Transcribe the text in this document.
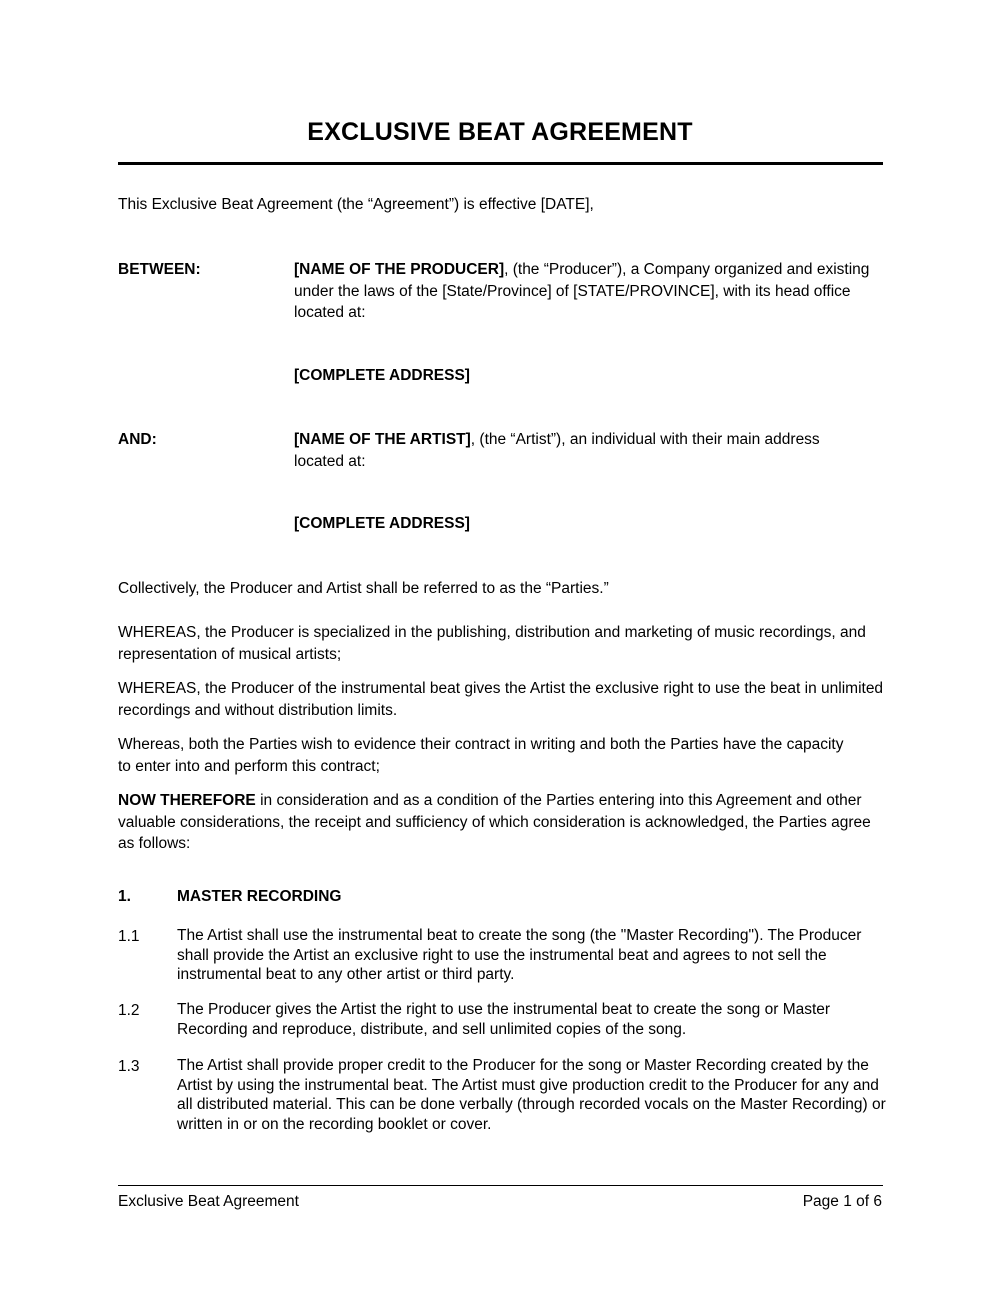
EXCLUSIVE BEAT AGREEMENT

This Exclusive Beat Agreement (the “Agreement”) is effective [DATE],

BETWEEN:	[NAME OF THE PRODUCER], (the “Producer”), a Company organized and existing under the laws of the [State/Province] of [STATE/PROVINCE], with its head office located at:

[COMPLETE ADDRESS]

AND:	[NAME OF THE ARTIST], (the “Artist”), an individual with their main address located at:

[COMPLETE ADDRESS]

Collectively, the Producer and Artist shall be referred to as the “Parties.”

WHEREAS, the Producer is specialized in the publishing, distribution and marketing of music recordings, and representation of musical artists;

WHEREAS, the Producer of the instrumental beat gives the Artist the exclusive right to use the beat in unlimited recordings and without distribution limits.

Whereas, both the Parties wish to evidence their contract in writing and both the Parties have the capacity to enter into and perform this contract;

NOW THEREFORE in consideration and as a condition of the Parties entering into this Agreement and other valuable considerations, the receipt and sufficiency of which consideration is acknowledged, the Parties agree as follows:

1.	MASTER RECORDING

1.1 The Artist shall use the instrumental beat to create the song (the "Master Recording"). The Producer shall provide the Artist an exclusive right to use the instrumental beat and agrees to not sell the instrumental beat to any other artist or third party.

1.2 The Producer gives the Artist the right to use the instrumental beat to create the song or Master Recording and reproduce, distribute, and sell unlimited copies of the song.

1.3 The Artist shall provide proper credit to the Producer for the song or Master Recording created by the Artist by using the instrumental beat. The Artist must give production credit to the Producer for any and all distributed material. This can be done verbally (through recorded vocals on the Master Recording) or written in or on the recording booklet or cover.

Exclusive Beat Agreement	Page 1 of 6
